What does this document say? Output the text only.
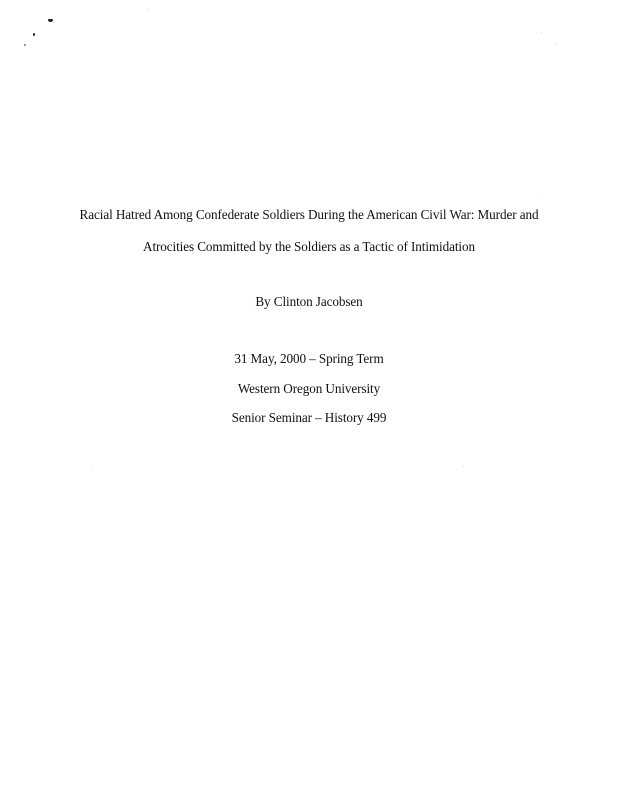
Racial Hatred Among Confederate Soldiers During the American Civil War: Murder and
Atrocities Committed by the Soldiers as a Tactic of Intimidation
By Clinton Jacobsen
31 May, 2000 – Spring Term
Western Oregon University
Senior Seminar – History 499
